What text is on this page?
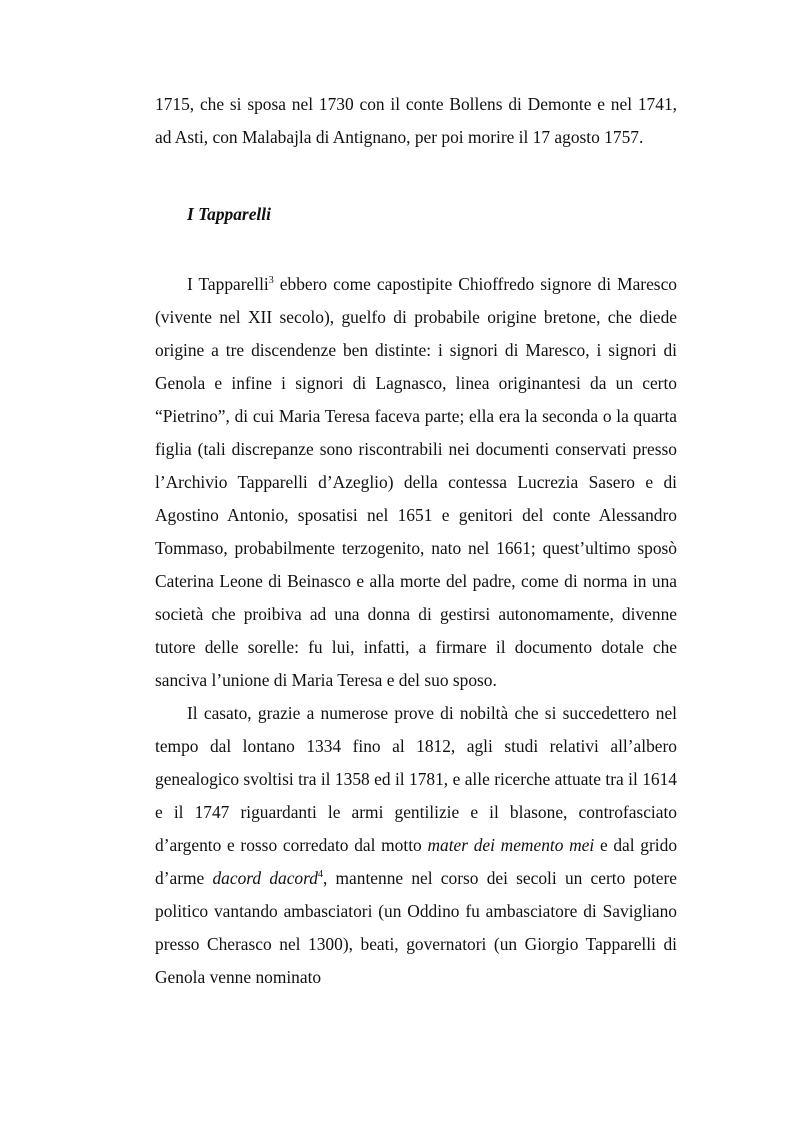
1715, che si sposa nel 1730 con il conte Bollens di Demonte e nel 1741, ad Asti, con Malabajla di Antignano, per poi morire il 17 agosto 1757.

I Tapparelli

I Tapparelli$^3$ ebbero come capostipite Chioffredo signore di Maresco (vivente nel XII secolo), guelfo di probabile origine bretone, che diede origine a tre discendenze ben distinte: i signori di Maresco, i signori di Genola e infine i signori di Lagnasco, linea originantesi da un certo “Pietrino”, di cui Maria Teresa faceva parte; ella era la seconda o la quarta figlia (tali discrepanze sono riscontrabili nei documenti conservati presso l’Archivio Tapparelli d’Azeglio) della contessa Lucrezia Sasero e di Agostino Antonio, sposatisi nel 1651 e genitori del conte Alessandro Tommaso, probabilmente terzogenito, nato nel 1661; quest’ultimo sposò Caterina Leone di Beinasco e alla morte del padre, come di norma in una società che proibiva ad una donna di gestirsi autonomamente, divenne tutore delle sorelle: fu lui, infatti, a firmare il documento dotale che sanciva l’unione di Maria Teresa e del suo sposo.

Il casato, grazie a numerose prove di nobiltà che si succedettero nel tempo dal lontano 1334 fino al 1812, agli studi relativi all’albero genealogico svoltisi tra il 1358 ed il 1781, e alle ricerche attuate tra il 1614 e il 1747 riguardanti le armi gentilizie e il blasone, controfasciato d’argento e rosso corredato dal motto mater dei memento mei e dal grido d’arme dacord dacord$^4$, mantenne nel corso dei secoli un certo potere politico vantando ambasciatori (un Oddino fu ambasciatore di Savigliano presso Cherasco nel 1300), beati, governatori (un Giorgio Tapparelli di Genola venne nominato
